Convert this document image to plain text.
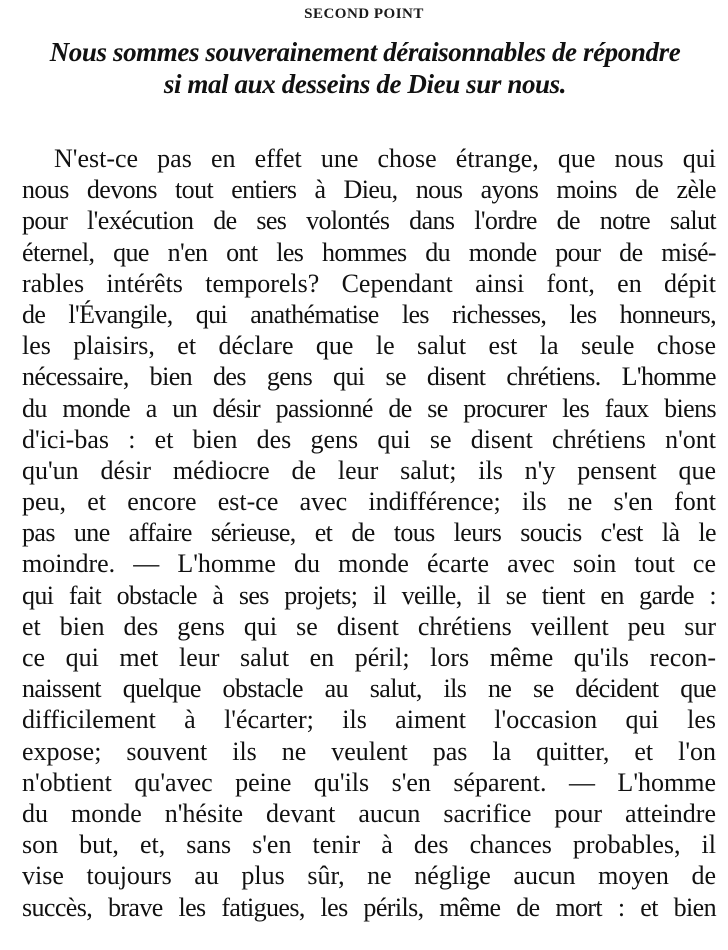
SECOND POINT
Nous sommes souverainement déraisonnables de répondre
si mal aux desseins de Dieu sur nous.
N'est-ce pas en effet une chose étrange, que nous qui
nous devons tout entiers à Dieu, nous ayons moins de zèle
pour l'exécution de ses volontés dans l'ordre de notre salut
éternel, que n'en ont les hommes du monde pour de misé-
rables intérêts temporels? Cependant ainsi font, en dépit
de l'Évangile, qui anathématise les richesses, les honneurs,
les plaisirs, et déclare que le salut est la seule chose
nécessaire, bien des gens qui se disent chrétiens. L'homme
du monde a un désir passionné de se procurer les faux biens
d'ici-bas : et bien des gens qui se disent chrétiens n'ont
qu'un désir médiocre de leur salut; ils n'y pensent que
peu, et encore est-ce avec indifférence; ils ne s'en font
pas une affaire sérieuse, et de tous leurs soucis c'est là le
moindre. — L'homme du monde écarte avec soin tout ce
qui fait obstacle à ses projets; il veille, il se tient en garde :
et bien des gens qui se disent chrétiens veillent peu sur
ce qui met leur salut en péril; lors même qu'ils recon-
naissent quelque obstacle au salut, ils ne se décident que
difficilement à l'écarter; ils aiment l'occasion qui les
expose; souvent ils ne veulent pas la quitter, et l'on
n'obtient qu'avec peine qu'ils s'en séparent. — L'homme
du monde n'hésite devant aucun sacrifice pour atteindre
son but, et, sans s'en tenir à des chances probables, il
vise toujours au plus sûr, ne néglige aucun moyen de
succès, brave les fatigues, les périls, même de mort : et bien
